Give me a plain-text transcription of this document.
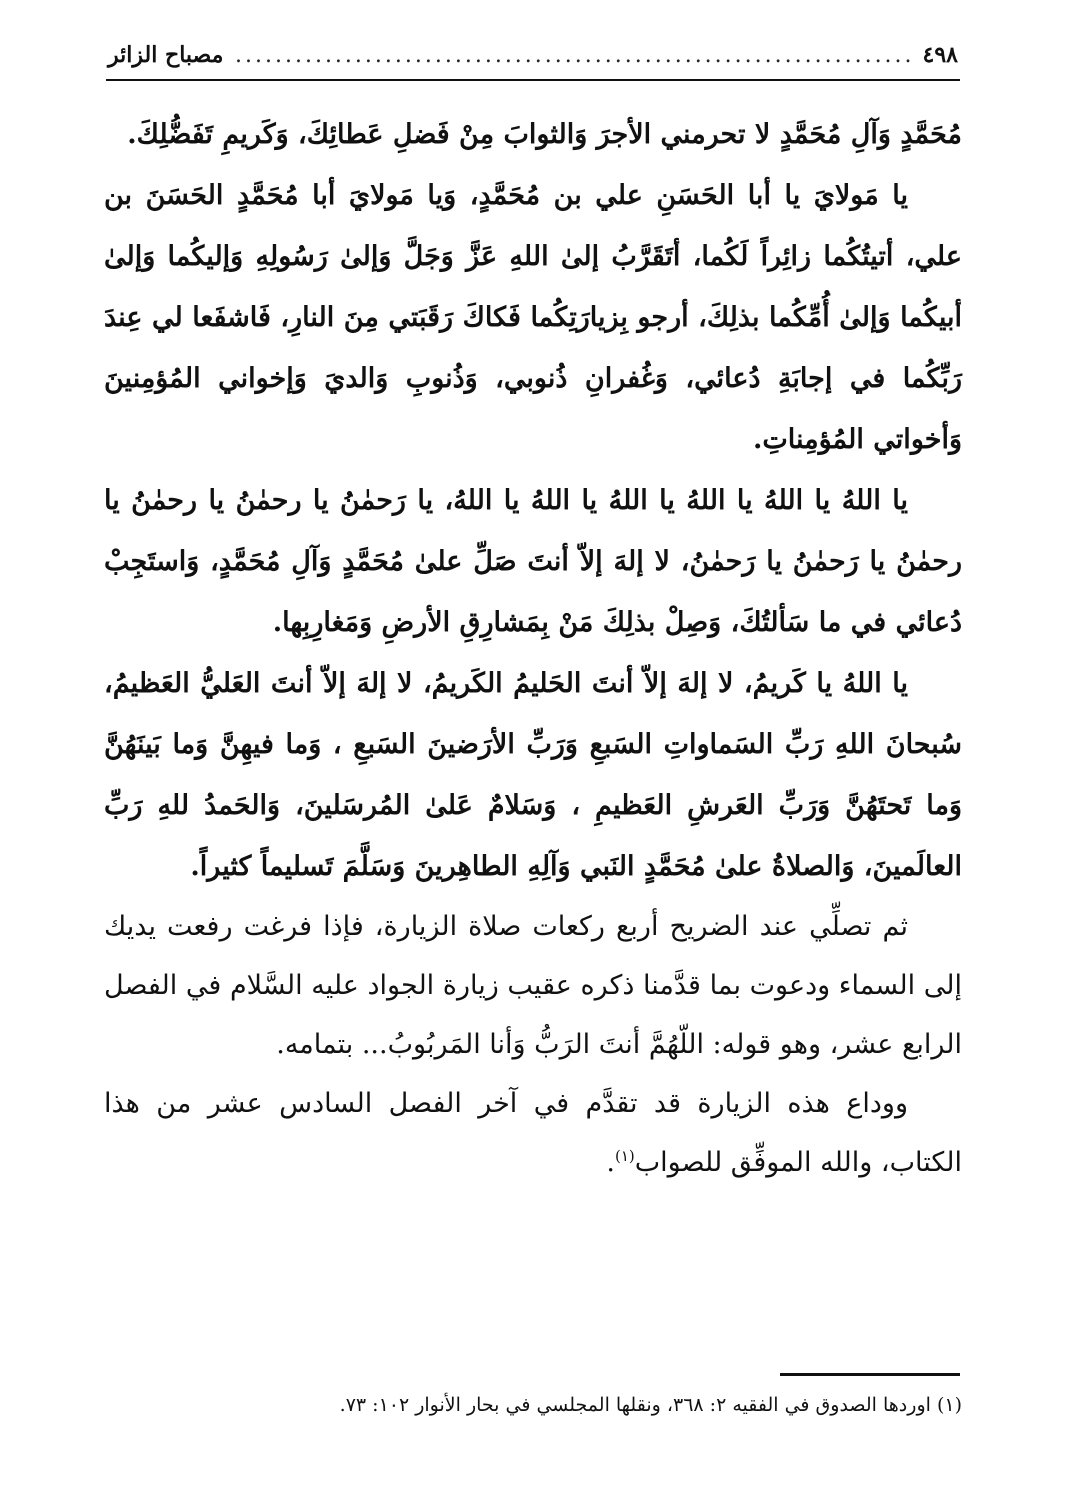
٤٩٨
.....
مصباح الزائر

مُحَمَّدٍ وَآلِ مُحَمَّدٍ لا تحرمني الأجرَ وَالثوابَ مِنْ فَضلِ عَطائِكَ، وَكَريمِ تَفَضُّلِكَ.

يا مَولايَ يا أبا الحَسَنِ علي بن مُحَمَّدٍ، وَيا مَولايَ أبا مُحَمَّدٍ الحَسَنَ بن علي، أتيتُكُما زائِراً لَكُما، أتَقَرَّبُ إلىٰ اللهِ عَزَّ وَجَلَّ وَإلىٰ رَسُولِهِ وَإليكُما وَإلىٰ أبيكُما وَإلىٰ أُمِّكُما بذلِكَ، أرجو بِزيارَتِكُما فَكاكَ رَقَبَتي مِنَ النارِ، فَاشفَعا لي عِندَ رَبِّكُما في إجابَةِ دُعائي، وَغُفرانِ ذُنوبي، وَذُنوبِ وَالديَ وَإخواني المُؤمِنينَ وَأخواتي المُؤمِناتِ.

يا اللهُ يا اللهُ يا اللهُ يا اللهُ يا اللهُ يا اللهُ، يا رَحمٰنُ يا رحمٰنُ يا رحمٰنُ يا رحمٰنُ يا رَحمٰنُ يا رَحمٰنُ، لا إلهَ إلاّ أنتَ صَلِّ علىٰ مُحَمَّدٍ وَآلِ مُحَمَّدٍ، وَاستَجِبْ دُعائي في ما سَألتُكَ، وَصِلْ بذلِكَ مَنْ بِمَشارِقِ الأرضِ وَمَغارِبِها.

يا اللهُ يا كَريمُ، لا إلهَ إلاّ أنتَ الحَليمُ الكَريمُ، لا إلهَ إلاّ أنتَ العَليُّ العَظيمُ، سُبحانَ اللهِ رَبِّ السَماواتِ السَبعِ وَرَبِّ الأرَضينَ السَبعِ ، وَما فيهِنَّ وَما بَينَهُنَّ وَما تَحتَهُنَّ وَرَبِّ العَرشِ العَظيمِ ، وَسَلامٌ عَلىٰ المُرسَلينَ، وَالحَمدُ للهِ رَبِّ العالَمينَ، وَالصلاةُ علىٰ مُحَمَّدٍ النَبي وَآلِهِ الطاهِرينَ وَسَلَّمَ تَسليماً كثيراً.

ثم تصلِّي عند الضريح أربع ركعات صلاة الزيارة، فإذا فرغت رفعت يديك إلى السماء ودعوت بما قدَّمنا ذكره عقيب زيارة الجواد عليه السَّلام في الفصل الرابع عشر، وهو قوله: اللّهُمَّ أنتَ الرَبُّ وَأنا المَربُوبُ... بتمامه.

ووداع هذه الزيارة قد تقدَّم في آخر الفصل السادس عشر من هذا الكتاب، والله الموفِّق للصواب$^{(١)}$.

(١) اوردها الصدوق في الفقيه ٢: ٣٦٨، ونقلها المجلسي في بحار الأنوار ١٠٢: ٧٣.
